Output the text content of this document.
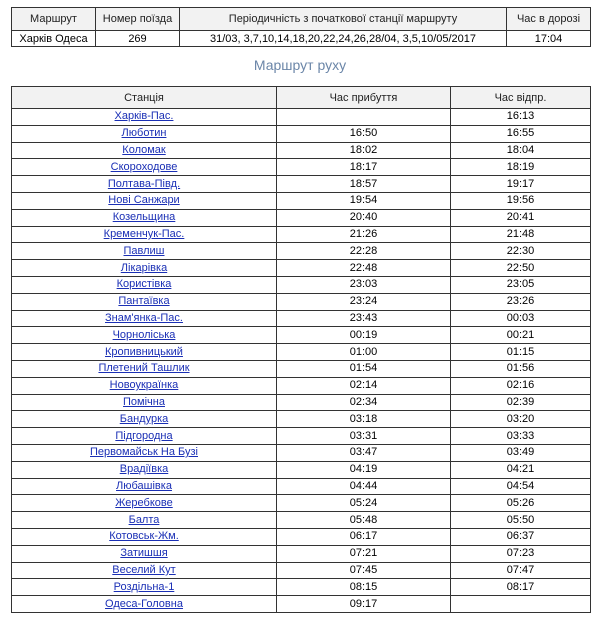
Маршрут	Номер поїзда	Періодичність з початкової станції маршруту	Час в дорозі
Харків Одеса	269	31/03, 3,7,10,14,18,20,22,24,26,28/04, 3,5,10/05/2017	17:04
Маршрут руху
Станція	Час прибуття	Час відпр.
Харків-Пас.		16:13
Люботин	16:50	16:55
Коломак	18:02	18:04
Скороходове	18:17	18:19
Полтава-Півд.	18:57	19:17
Нові Санжари	19:54	19:56
Козельщина	20:40	20:41
Кременчук-Пас.	21:26	21:48
Павлиш	22:28	22:30
Лікарівка	22:48	22:50
Користівка	23:03	23:05
Пантаївка	23:24	23:26
Знам'янка-Пас.	23:43	00:03
Чорноліська	00:19	00:21
Кропивницький	01:00	01:15
Плетений Ташлик	01:54	01:56
Новоукраїнка	02:14	02:16
Помічна	02:34	02:39
Бандурка	03:18	03:20
Підгородна	03:31	03:33
Первомайськ На Бузі	03:47	03:49
Врадіївка	04:19	04:21
Любашівка	04:44	04:54
Жеребкове	05:24	05:26
Балта	05:48	05:50
Котовськ-Жм.	06:17	06:37
Затишшя	07:21	07:23
Веселий Кут	07:45	07:47
Роздільна-1	08:15	08:17
Одеса-Головна	09:17	
